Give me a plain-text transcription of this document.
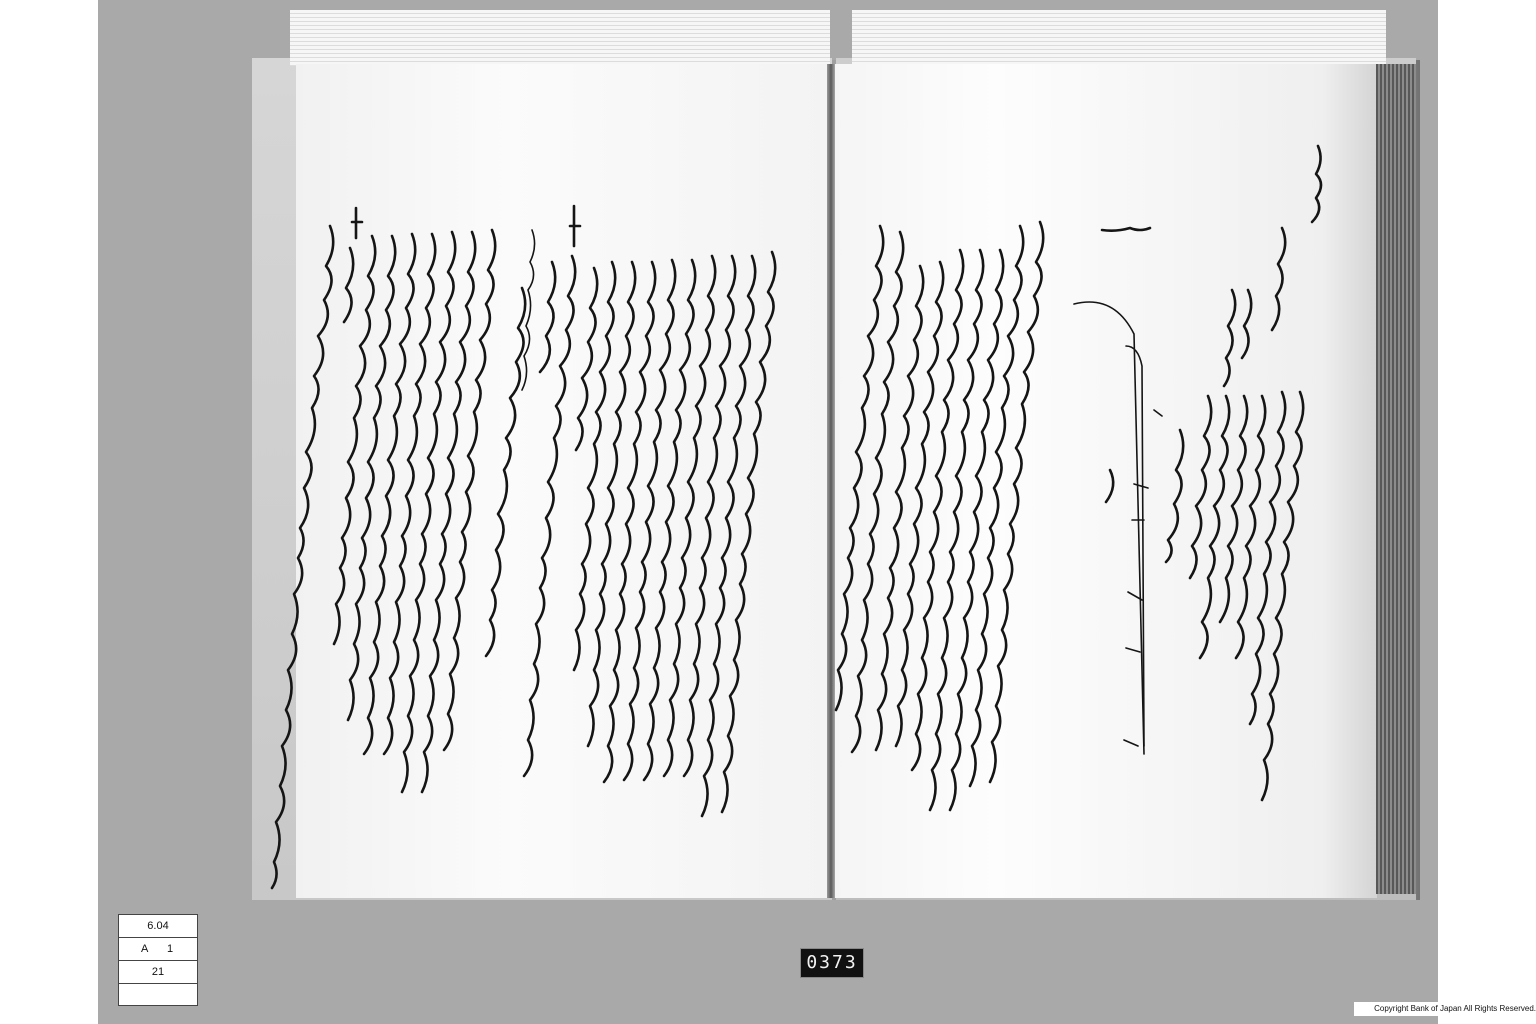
6.04
A 1
21	0373
Copyright Bank of Japan All Rights Reserved.
